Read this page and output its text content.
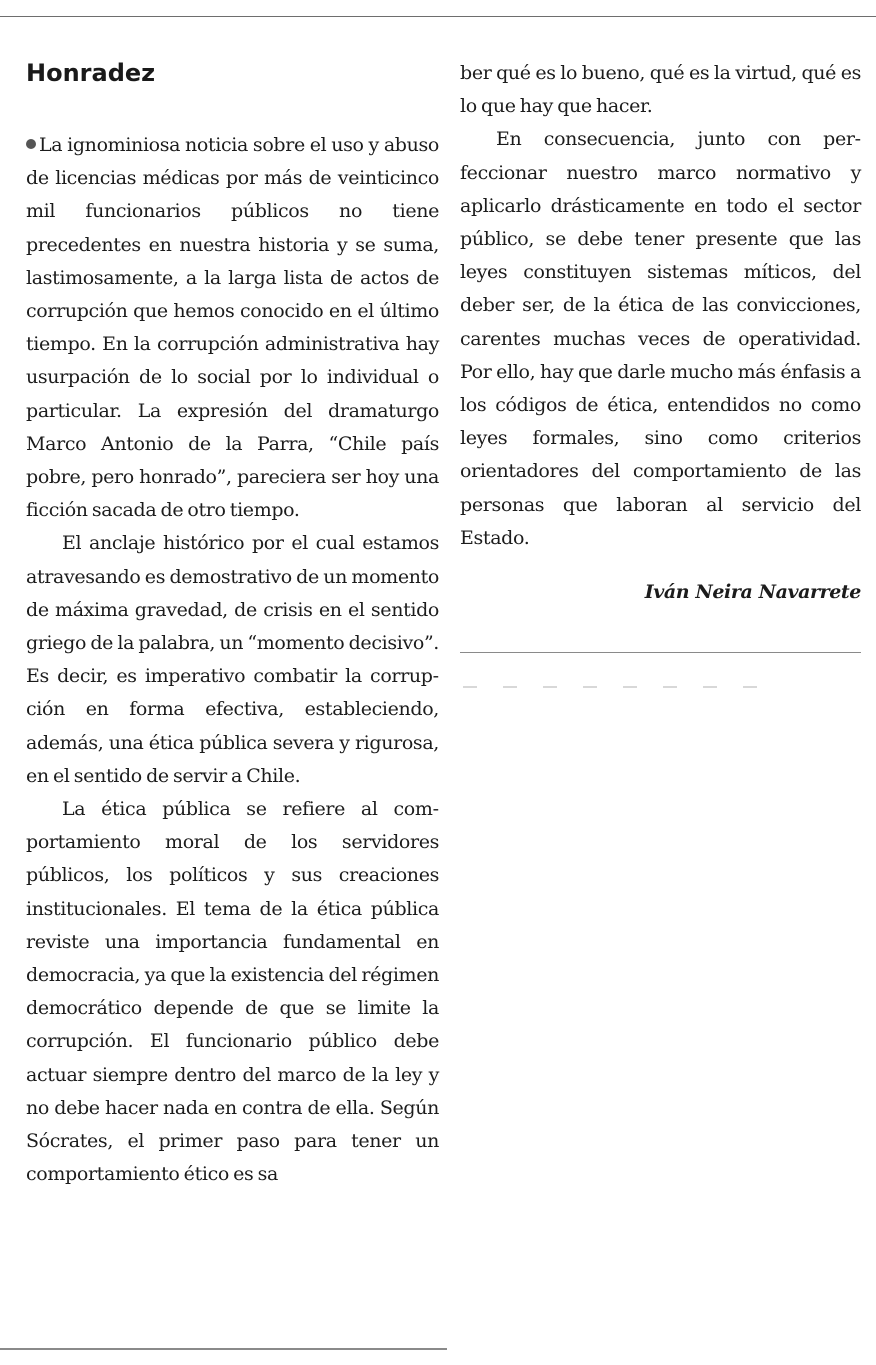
Honradez

La ignominiosa noticia sobre el uso y abuso de licencias médicas por más de veinticinco mil funcionarios públicos no tiene precedentes en nuestra historia y se suma, lastimosamente, a la larga lista de actos de corrupción que hemos conocido en el último tiempo. En la corrupción administrativa hay usurpación de lo social por lo individual o particular. La expresión del dramaturgo Marco Antonio de la Parra, “Chile país pobre, pero honrado”, pareciera ser hoy una ficción sacada de otro tiempo.

El anclaje histórico por el cual estamos atravesando es demostrativo de un momento de máxima gravedad, de crisis en el sentido griego de la palabra, un “momento decisivo”. Es decir, es imperativo combatir la corrupción en forma efectiva, estableciendo, además, una ética pública severa y rigurosa, en el sentido de servir a Chile.

La ética pública se refiere al comportamiento moral de los servidores públicos, los políticos y sus creaciones institucionales. El tema de la ética pública reviste una importancia fundamental en democracia, ya que la existencia del régimen democrático depende de que se limite la corrupción. El funcionario público debe actuar siempre dentro del marco de la ley y no debe hacer nada en contra de ella. Según Sócrates, el primer paso para tener un comportamiento ético es sa

ber qué es lo bueno, qué es la virtud, qué es lo que hay que hacer.

En consecuencia, junto con perfeccionar nuestro marco normativo y aplicarlo drásticamente en todo el sector público, se debe tener presente que las leyes constituyen sistemas míticos, del deber ser, de la ética de las convicciones, carentes muchas veces de operatividad. Por ello, hay que darle mucho más énfasis a los códigos de ética, entendidos no como leyes formales, sino como criterios orientadores del comportamiento de las personas que laboran al servicio del Estado.

Iván Neira Navarrete
